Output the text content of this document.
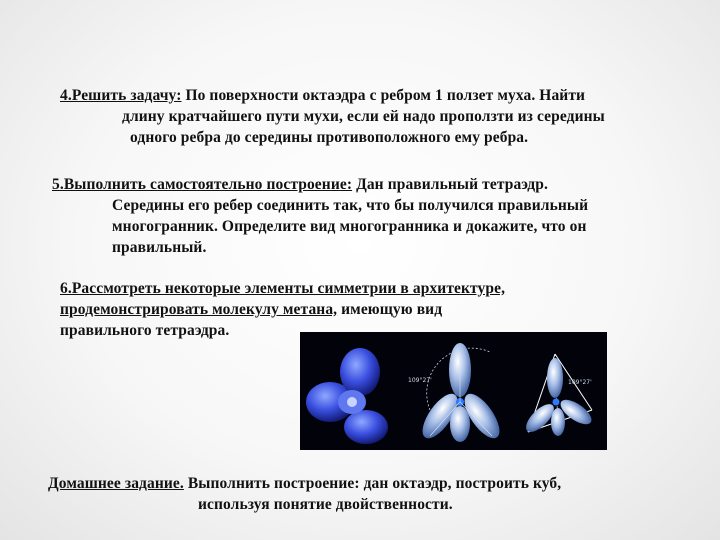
4.Решить задачу: По поверхности октаэдра с ребром 1 ползет муха. Найти
длину кратчайшего пути мухи, если ей надо проползти из середины
одного ребра до середины противоположного ему ребра.
5.Выполнить самостоятельно построение: Дан правильный тетраэдр.
Середины его ребер соединить так, что бы получился правильный
многогранник. Определите вид многогранника и докажите, что он
правильный.
6.Рассмотреть некоторые элементы симметрии в архитектуре,
продемонстрировать молекулу метана, имеющую вид
правильного тетраэдра.
109°27'	109°27'
Домашнее задание. Выполнить построение: дан октаэдр, построить куб,
используя понятие двойственности.
